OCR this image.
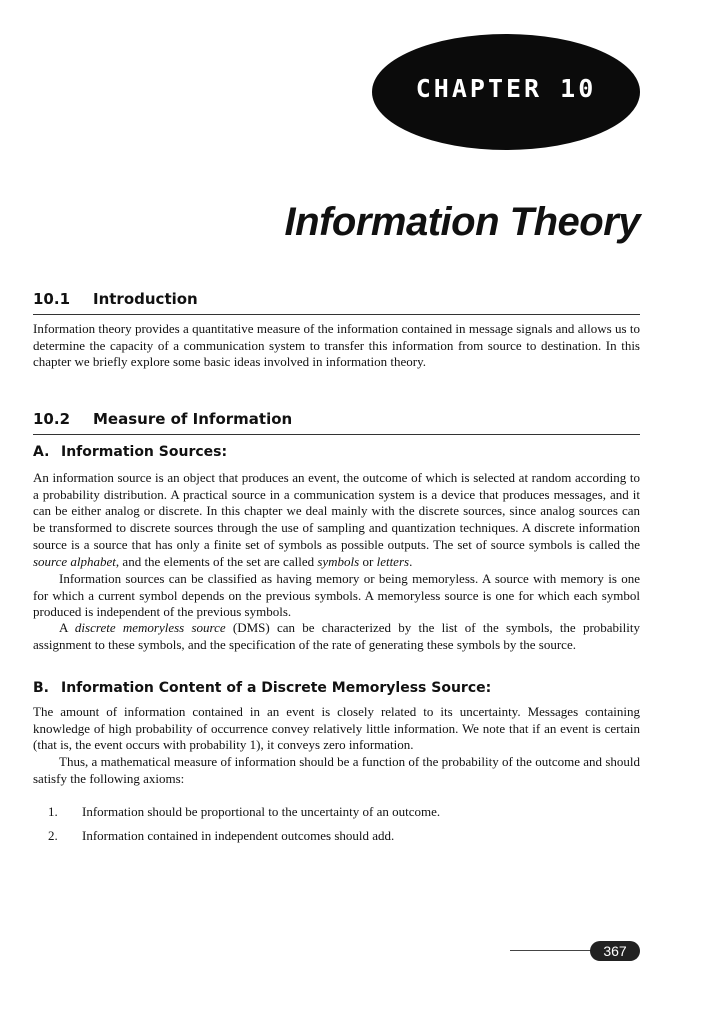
CHAPTER 10
Information Theory
10.1 Introduction

Information theory provides a quantitative measure of the information contained in message signals and allows us to determine the capacity of a communication system to transfer this information from source to destination. In this chapter we briefly explore some basic ideas involved in information theory.

10.2 Measure of Information
A. Information Sources:

An information source is an object that produces an event, the outcome of which is selected at random according to a probability distribution. A practical source in a communication system is a device that produces messages, and it can be either analog or discrete. In this chapter we deal mainly with the discrete sources, since analog sources can be transformed to discrete sources through the use of sampling and quantization techniques. A discrete information source is a source that has only a finite set of symbols as possible outputs. The set of source symbols is called the source alphabet, and the elements of the set are called symbols or letters.

Information sources can be classified as having memory or being memoryless. A source with memory is one for which a current symbol depends on the previous symbols. A memoryless source is one for which each symbol produced is independent of the previous symbols.

A discrete memoryless source (DMS) can be characterized by the list of the symbols, the probability assignment to these symbols, and the specification of the rate of generating these symbols by the source.

B. Information Content of a Discrete Memoryless Source:

The amount of information contained in an event is closely related to its uncertainty. Messages containing knowledge of high probability of occurrence convey relatively little information. We note that if an event is certain (that is, the event occurs with probability 1), it conveys zero information.

Thus, a mathematical measure of information should be a function of the probability of the outcome and should satisfy the following axioms:

1. Information should be proportional to the uncertainty of an outcome.
2. Information contained in independent outcomes should add.
367
